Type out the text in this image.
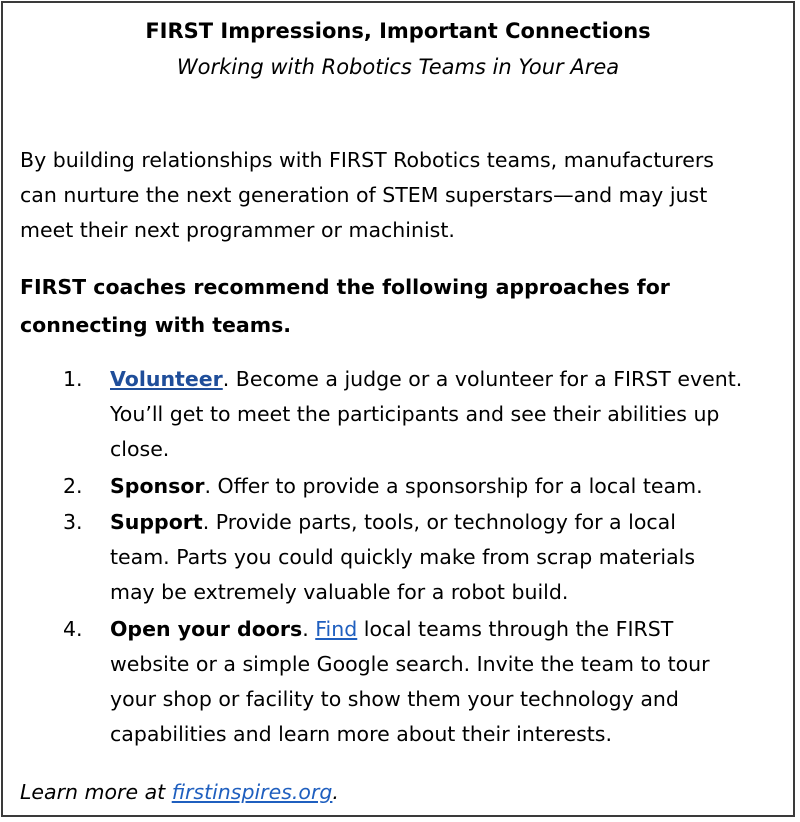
FIRST Impressions, Important Connections
Working with Robotics Teams in Your Area
By building relationships with FIRST Robotics teams, manufacturers
can nurture the next generation of STEM superstars—and may just
meet their next programmer or machinist.
FIRST coaches recommend the following approaches for
connecting with teams.
1. Volunteer. Become a judge or a volunteer for a FIRST event.
You’ll get to meet the participants and see their abilities up
close.
2. Sponsor. Offer to provide a sponsorship for a local team.
3. Support. Provide parts, tools, or technology for a local
team. Parts you could quickly make from scrap materials
may be extremely valuable for a robot build.
4. Open your doors. Find local teams through the FIRST
website or a simple Google search. Invite the team to tour
your shop or facility to show them your technology and
capabilities and learn more about their interests.
Learn more at firstinspires.org.
